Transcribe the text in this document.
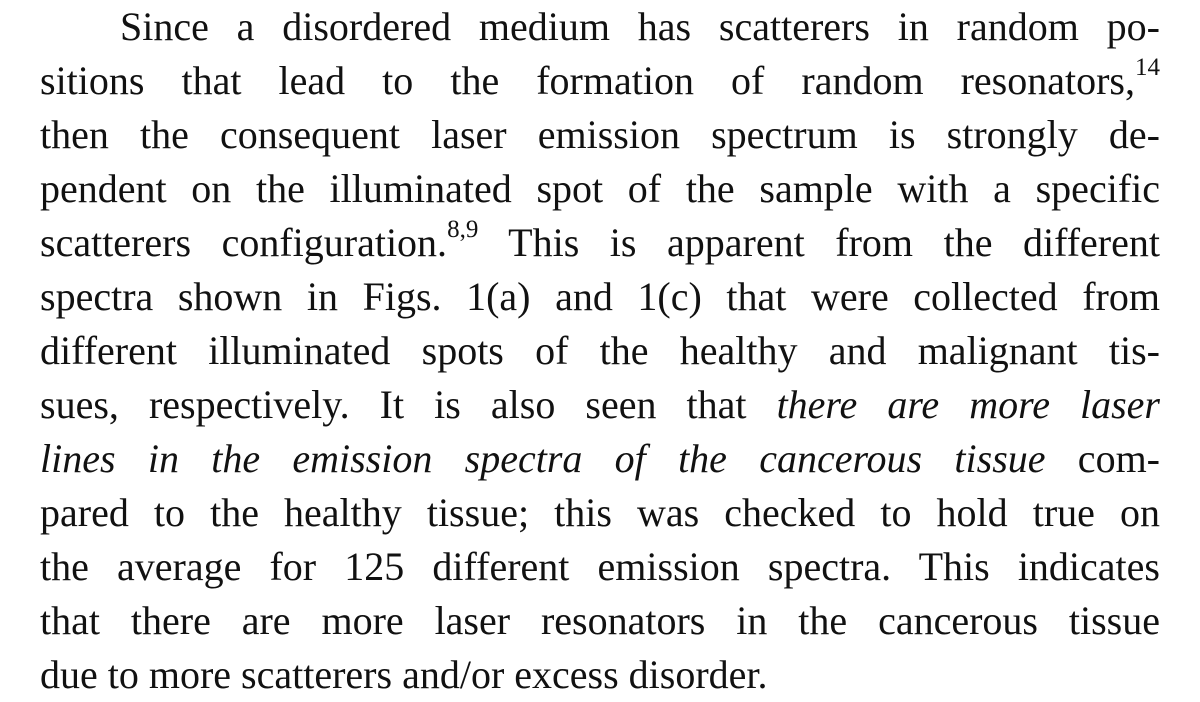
Since a disordered medium has scatterers in random po-
sitions that lead to the formation of random resonators,$^{14}$
then the consequent laser emission spectrum is strongly de-
pendent on the illuminated spot of the sample with a specific
scatterers configuration.$^{8,9}$ This is apparent from the different
spectra shown in Figs. 1(a) and 1(c) that were collected from
different illuminated spots of the healthy and malignant tis-
sues, respectively. It is also seen that there are more laser
lines in the emission spectra of the cancerous tissue com-
pared to the healthy tissue; this was checked to hold true on
the average for 125 different emission spectra. This indicates
that there are more laser resonators in the cancerous tissue
due to more scatterers and/or excess disorder.
